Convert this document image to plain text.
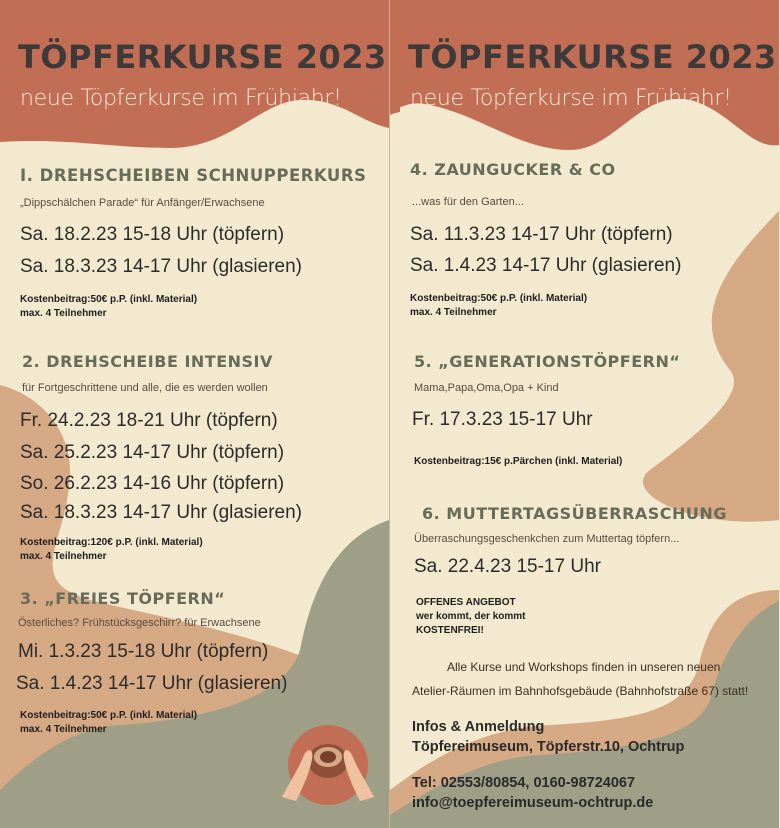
TÖPFERKURSE 2023

neue Töpferkurse im Frühjahr!

I. DREHSCHEIBEN SCHNUPPERKURS

„Dippschälchen Parade“ für Anfänger/Erwachsene

Sa. 18.2.23 15-18 Uhr (töpfern)

Sa. 18.3.23 14-17 Uhr (glasieren)

Kostenbeitrag:50€ p.P. (inkl. Material)

max. 4 Teilnehmer

2. DREHSCHEIBE INTENSIV

für Fortgeschrittene und alle, die es werden wollen

Fr. 24.2.23 18-21 Uhr (töpfern)

Sa. 25.2.23 14-17 Uhr (töpfern)

So. 26.2.23 14-16 Uhr (töpfern)

Sa. 18.3.23 14-17 Uhr (glasieren)

Kostenbeitrag:120€ p.P. (inkl. Material)

max. 4 Teilnehmer

3. „FREIES TÖPFERN“

Österliches? Frühstücksgeschirr? für Erwachsene

Mi. 1.3.23 15-18 Uhr (töpfern)

Sa. 1.4.23 14-17 Uhr (glasieren)

Kostenbeitrag:50€ p.P. (inkl. Material)

max. 4 Teilnehmer

TÖPFERKURSE 2023

neue Töpferkurse im Frühjahr!

4. ZAUNGUCKER & CO

...was für den Garten...

Sa. 11.3.23 14-17 Uhr (töpfern)

Sa. 1.4.23 14-17 Uhr (glasieren)

Kostenbeitrag:50€ p.P. (inkl. Material)

max. 4 Teilnehmer

5. „GENERATIONSTÖPFERN“

Mama,Papa,Oma,Opa + Kind

Fr. 17.3.23 15-17 Uhr

Kostenbeitrag:15€ p.Pärchen (inkl. Material)

6. MUTTERTAGSÜBERRASCHUNG

Überraschungsgeschenkchen zum Muttertag töpfern...

Sa. 22.4.23 15-17 Uhr

OFFENES ANGEBOT

wer kommt, der kommt

KOSTENFREI!

Alle Kurse und Workshops finden in unseren neuen

Atelier-Räumen im Bahnhofsgebäude (Bahnhofstraße 67) statt!

Infos & Anmeldung

Töpfereimuseum, Töpferstr.10, Ochtrup

Tel: 02553/80854, 0160-98724067

info@toepfereimuseum-ochtrup.de
